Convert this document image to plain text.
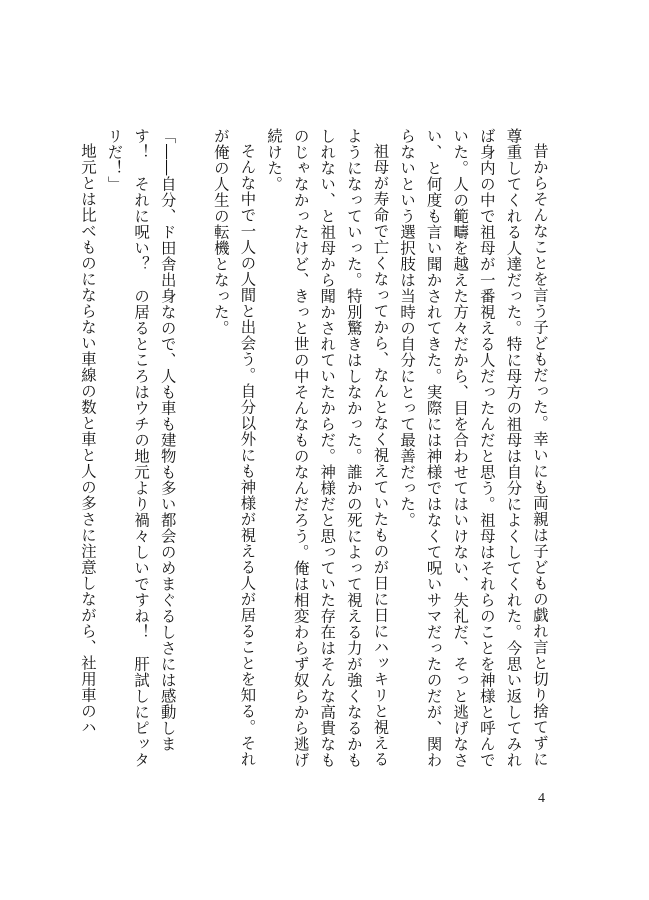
昔からそんなことを言う子どもだった。幸いにも両親は子どもの戯れ言と切り捨てずに尊重してくれる人達だった。特に母方の祖母は自分によくしてくれた。今思い返してみれば身内の中で祖母が一番視える人だったんだと思う。祖母はそれらのことを神様と呼んでいた。人の範疇を越えた方々だから、目を合わせてはいけない、失礼だ、そっと逃げなさい、と何度も言い聞かされてきた。実際には神様ではなくて呪いサマだったのだが、関わらないという選択肢は当時の自分にとって最善だった。

祖母が寿命で亡くなってから、なんとなく視えていたものが日に日にハッキリと視えるようになっていった。特別驚きはしなかった。誰かの死によって視える力が強くなるかもしれない、と祖母から聞かされていたからだ。神様だと思っていた存在はそんな高貴なものじゃなかったけど、きっと世の中そんなものなんだろう。俺は相変わらず奴らから逃げ続けた。

そんな中で一人の人間と出会う。自分以外にも神様が視える人が居ることを知る。それが俺の人生の転機となった。

「――自分、ド田舎出身なので、人も車も建物も多い都会のめまぐるしさには感動します！　それに呪い？　の居るところはウチの地元より禍々しいですね！　肝試しにピッタリだ！」

地元とは比べものにならない車線の数と車と人の多さに注意しながら、社用車のハ

4
